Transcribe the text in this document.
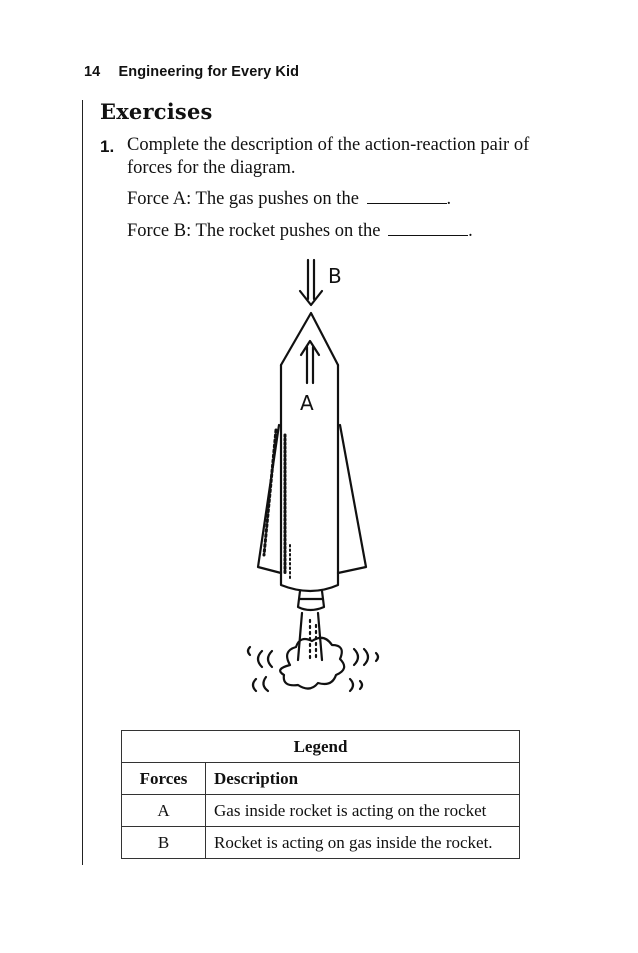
14 Engineering for Every Kid
Exercises
1. Complete the description of the action-reaction pair of forces for the diagram.
Force A: The gas pushes on the	.
Force B: The rocket pushes on the	.
B
A
Legend	
Forces	Description
A	Gas inside rocket is acting on the rocket
B	Rocket is acting on gas inside the rocket.
